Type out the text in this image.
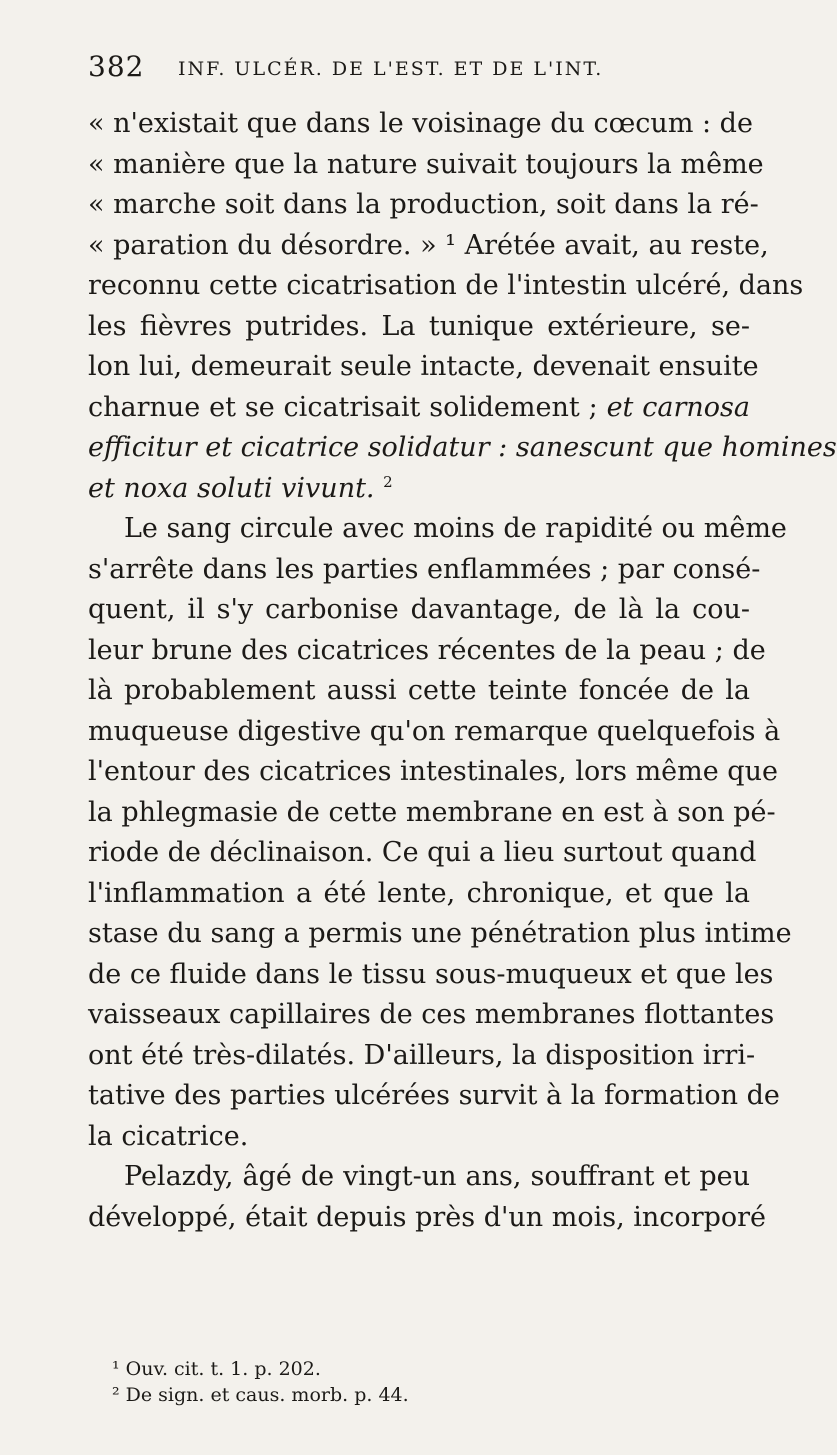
382 INF. ULCÉR. DE L'EST. ET DE L'INT.
« n'existait que dans le voisinage du cœcum : de
« manière que la nature suivait toujours la même
« marche soit dans la production, soit dans la ré-
« paration du désordre. » ¹ Arétée avait, au reste,
reconnu cette cicatrisation de l'intestin ulcéré, dans
les fièvres putrides. La tunique extérieure, se-
lon lui, demeurait seule intacte, devenait ensuite
charnue et se cicatrisait solidement ; et carnosa
efficitur et cicatrice solidatur : sanescunt que homines
et noxa soluti vivunt. $^2$
Le sang circule avec moins de rapidité ou même
s'arrête dans les parties enflammées ; par consé-
quent, il s'y carbonise davantage, de là la cou-
leur brune des cicatrices récentes de la peau ; de
là probablement aussi cette teinte foncée de la
muqueuse digestive qu'on remarque quelquefois à
l'entour des cicatrices intestinales, lors même que
la phlegmasie de cette membrane en est à son pé-
riode de déclinaison. Ce qui a lieu surtout quand
l'inflammation a été lente, chronique, et que la
stase du sang a permis une pénétration plus intime
de ce fluide dans le tissu sous-muqueux et que les
vaisseaux capillaires de ces membranes flottantes
ont été très-dilatés. D'ailleurs, la disposition irri-
tative des parties ulcérées survit à la formation de
la cicatrice.
Pelazdy, âgé de vingt-un ans, souffrant et peu
développé, était depuis près d'un mois, incorporé
¹ Ouv. cit. t. 1. p. 202.
² De sign. et caus. morb. p. 44.
